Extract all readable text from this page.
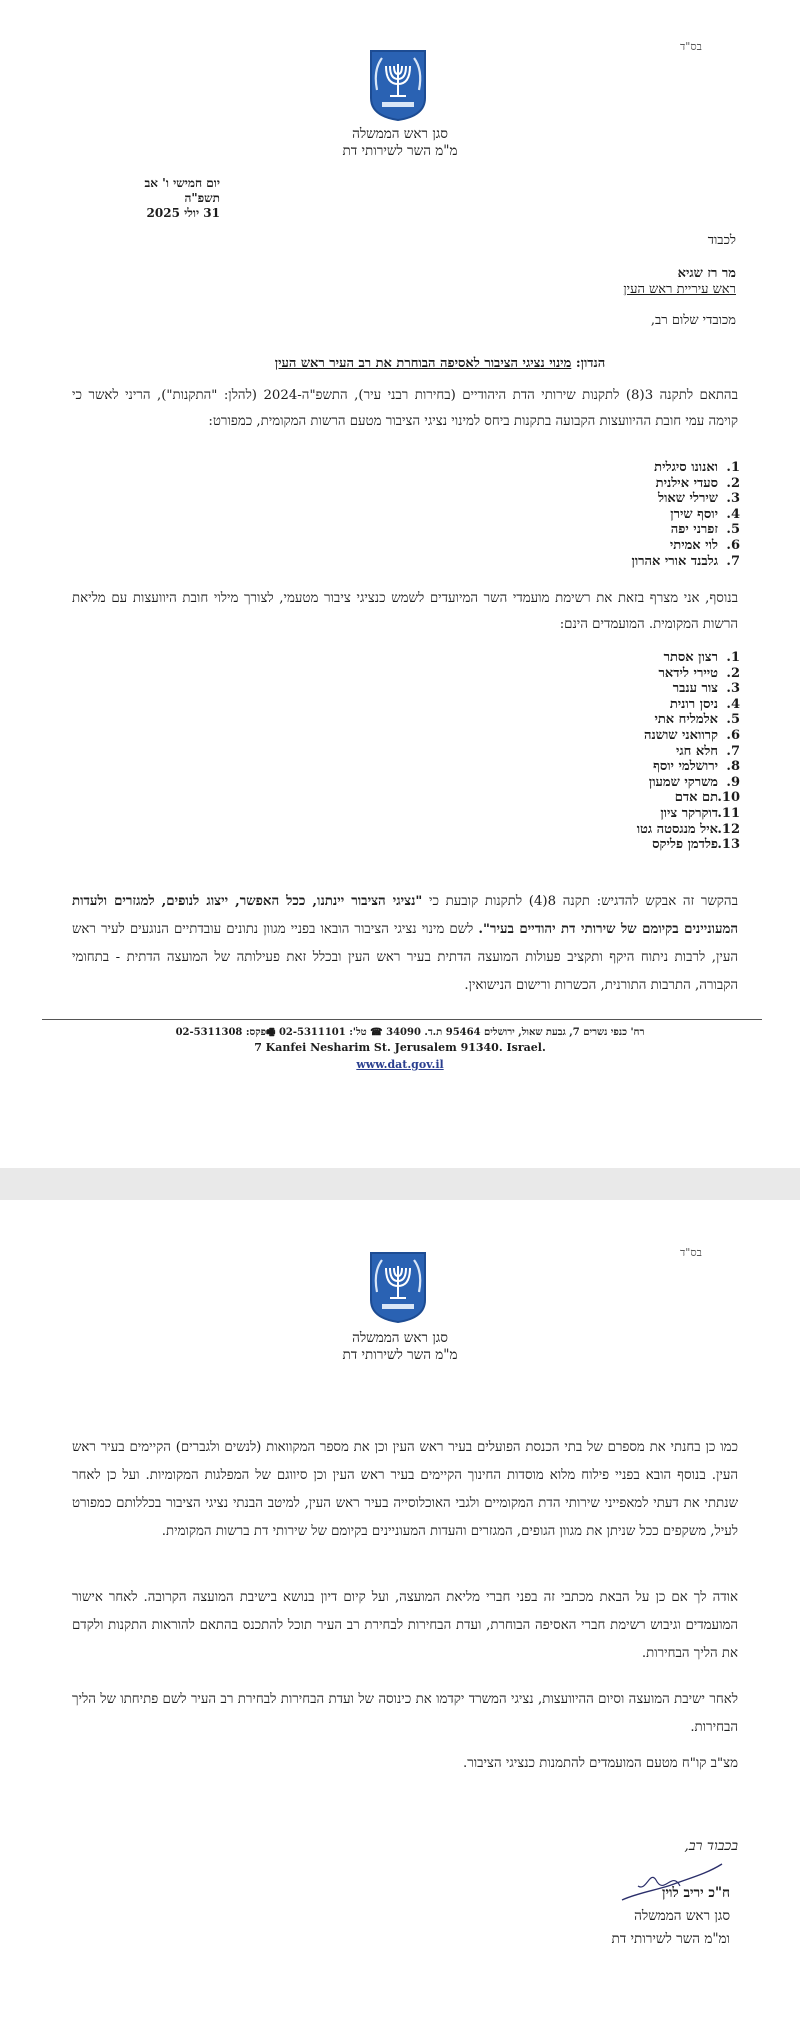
בס"ד
סגן ראש הממשלה
מ"מ השר לשירותי דת
יום חמישי ו' אב תשפ"ה
31 יולי 2025
לכבוד
מר רז שגיא
ראש עיריית ראש העין
מכובדי שלום רב,
הנדון: מינוי נציגי הציבור לאסיפה הבוחרת את רב העיר ראש העין
בהתאם לתקנה 3(8) לתקנות שירותי הדת היהודיים (בחירות רבני עיר), התשפ"ה-2024 (להלן: "התקנות"), הריני לאשר כי קוימה עמי חובת ההיוועצות הקבועה בתקנות ביחס למינוי נציגי הציבור מטעם הרשות המקומית, כמפורט:
1.
ואנונו סיגלית
2.
סעדי אילנית
3.
שירלי שאול
4.
יוסף שירן
5.
זפרני יפה
6.
לוי אמיתי
7.
גלבנד אורי אהרון
בנוסף, אני מצרף בזאת את רשימת מועמדי השר המיועדים לשמש כנציגי ציבור מטעמי, לצורך מילוי חובת היוועצות עם מליאת הרשות המקומית. המועמדים הינם:
1.
רצון אסתר
2.
טיירי לידאר
3.
צור ענבר
4.
ניסן רונית
5.
אלמליח אתי
6.
קרוואני שושנה
7.
חלא חגי
8.
ירושלמי יוסף
9.
משרקי שמעון
10.
תם אדם
11.
דוקרקר ציון
12.
איל מנגסטה גטו
13.
פלדמן פליקס
בהקשר זה אבקש להדגיש: תקנה 8(4) לתקנות קובעת כי "נציגי הציבור יינתנו, ככל האפשר, ייצוג לנופים, למגזרים ולעדות המעוניינים בקיומם של שירותי דת יהודיים בעיר". לשם מינוי נציגי הציבור הובאו בפניי מגוון נתונים עובדתיים הנוגעים לעיר ראש העין, לרבות ניתוח היקף ותקציב פעולות המועצה הדתית בעיר ראש העין ובכלל זאת פעילותה של המועצה הדתית - בתחומי הקבורה, התרבות התורנית, הכשרות ורישום הנישואין.
רח' כנפי נשרים 7, גבעת שאול, ירושלים 95464 ת.ד. 34090 ☎ טל': 02-5311101 🖷פקס: 02-5311308
7 Kanfei Nesharim St. Jerusalem 91340. Israel.
www.dat.gov.il
בס"ד
סגן ראש הממשלה
מ"מ השר לשירותי דת
כמו כן בחנתי את מספרם של בתי הכנסת הפועלים בעיר ראש העין וכן את מספר המקוואות (לנשים ולגברים) הקיימים בעיר ראש העין. בנוסף הובא בפניי פילוח מלוא מוסדות החינוך הקיימים בעיר ראש העין וכן סיווגם של המפלגות המקומיות. ועל כן לאחר שנתתי את דעתי למאפייני שירותי הדת המקומיים ולגבי האוכלוסייה בעיר ראש העין, למיטב הבנתי נציגי הציבור בכללותם כמפורט לעיל, משקפים ככל שניתן את מגוון הגופים, המגזרים והעדות המעוניינים בקיומם של שירותי דת ברשות המקומית.
אודה לך אם כן על הבאת מכתבי זה בפני חברי מליאת המועצה, ועל קיום דיון בנושא בישיבת המועצה הקרובה. לאחר אישור המועמדים וגיבוש רשימת חברי האסיפה הבוחרת, ועדת הבחירות לבחירת רב העיר תוכל להתכנס בהתאם להוראות התקנות ולקדם את הליך הבחירות.
לאחר ישיבת המועצה וסיום ההיוועצות, נציגי המשרד יקדמו את כינוסה של ועדת הבחירות לבחירת רב העיר לשם פתיחתו של הליך הבחירות.
מצ"ב קו"ח מטעם המועמדים להתמנות כנציגי הציבור.
בכבוד רב,
ח"כ יריב לוין
סגן ראש הממשלה
ומ"מ השר לשירותי דת
